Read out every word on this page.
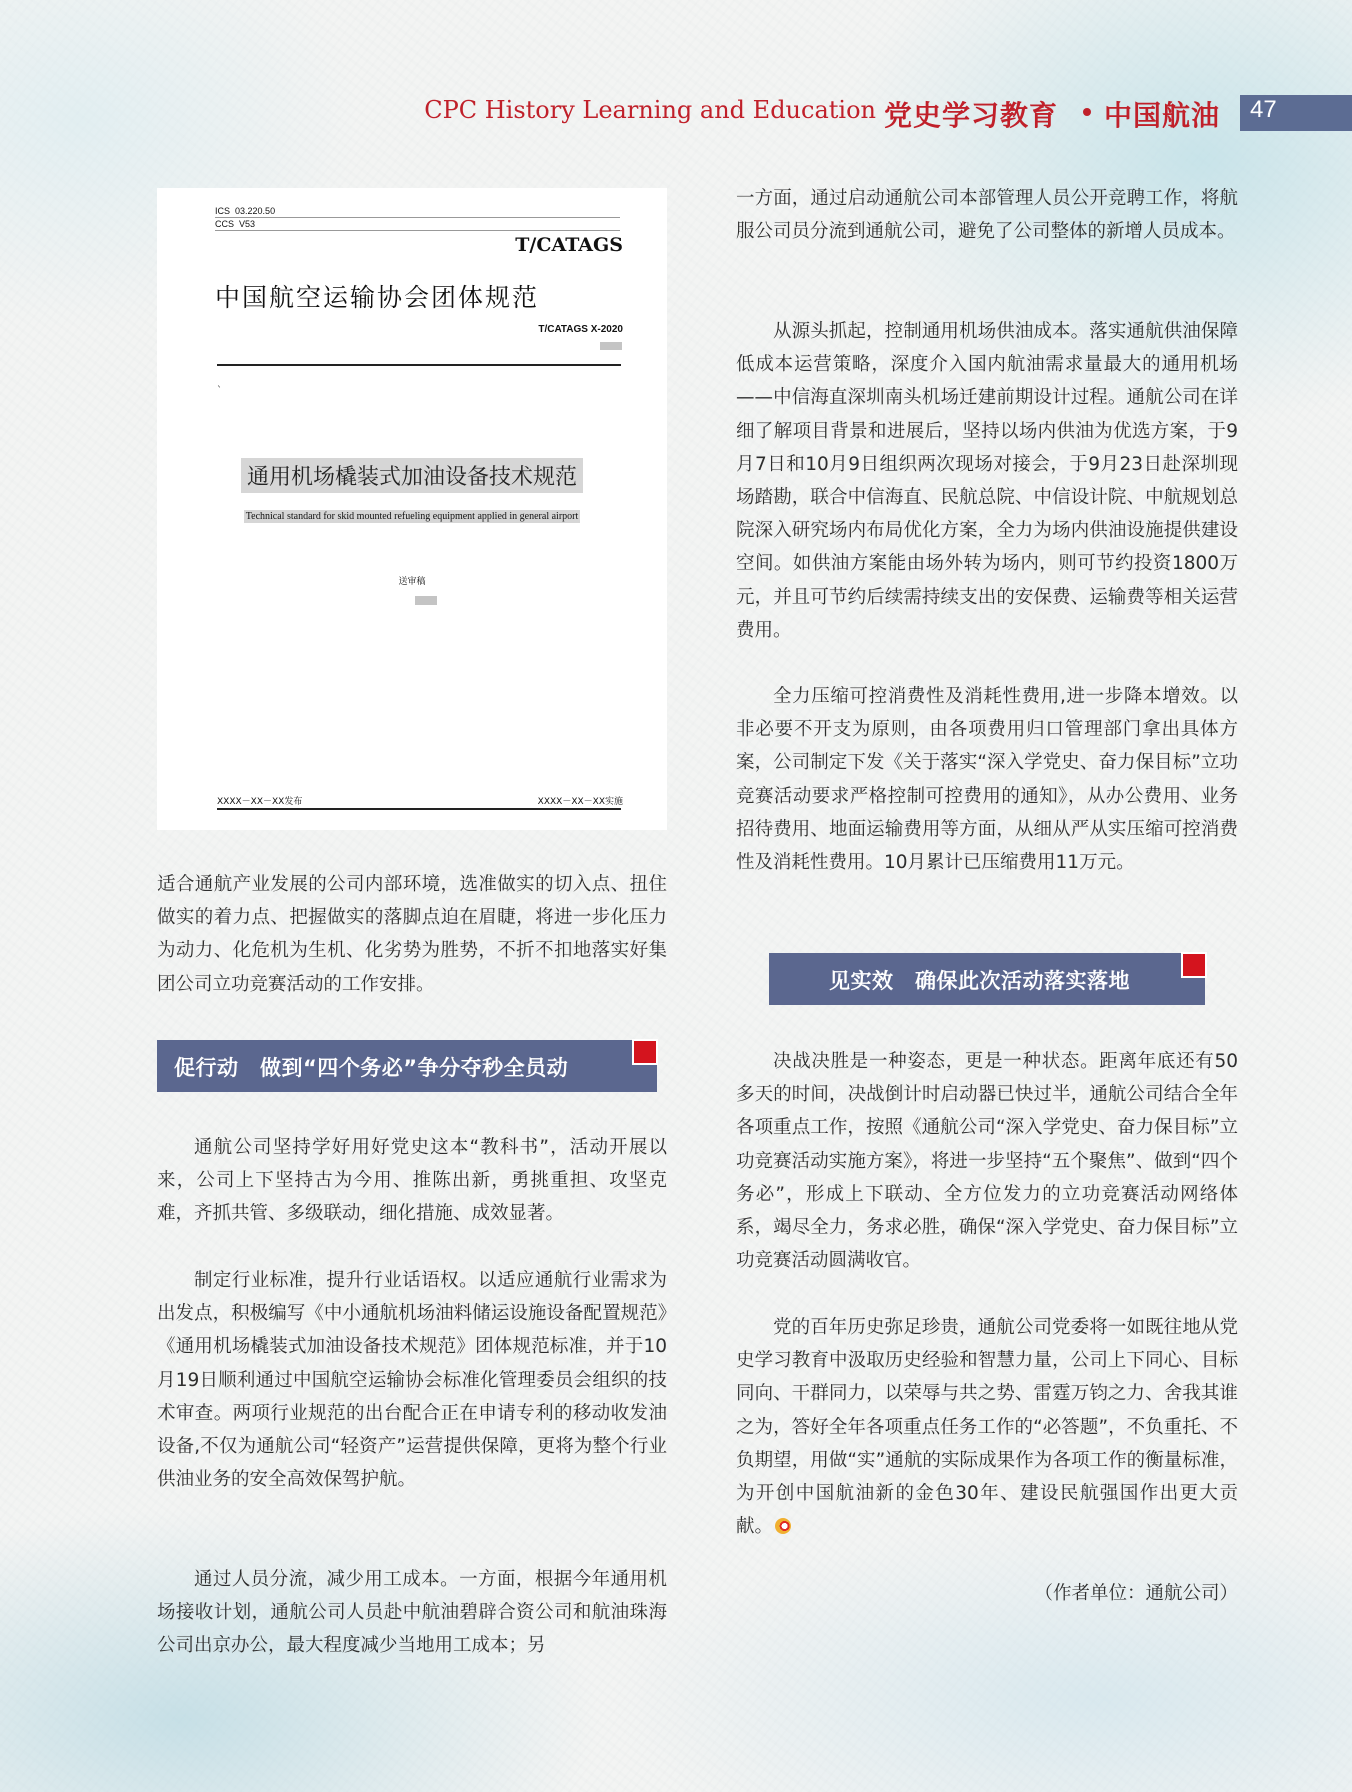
CPC History Learning and Education 党史学习教育 中国航油 47
ICS 03.220.50
CCS V53
T/CATAGS
中国航空运输协会团体规范
T/CATAGS X-2020
`
通用机场橇装式加油设备技术规范
Technical standard for skid mounted refueling equipment applied in general airport
送审稿
XXXX－XX－XX发布	XXXX－XX－XX实施

适合通航产业发展的公司内部环境，选准做实的切入点、扭住做实的着力点、把握做实的落脚点迫在眉睫，将进一步化压力为动力、化危机为生机、化劣势为胜势，不折不扣地落实好集团公司立功竞赛活动的工作安排。

促行动　做到“四个务必”争分夺秒全员动

通航公司坚持学好用好党史这本“教科书”，活动开展以来，公司上下坚持古为今用、推陈出新，勇挑重担、攻坚克难，齐抓共管、多级联动，细化措施、成效显著。

制定行业标准，提升行业话语权。以适应通航行业需求为出发点，积极编写《中小通航机场油料储运设施设备配置规范》《通用机场橇装式加油设备技术规范》团体规范标准，并于10月19日顺利通过中国航空运输协会标准化管理委员会组织的技术审查。两项行业规范的出台配合正在申请专利的移动收发油设备,不仅为通航公司“轻资产”运营提供保障，更将为整个行业供油业务的安全高效保驾护航。

通过人员分流，减少用工成本。一方面，根据今年通用机场接收计划，通航公司人员赴中航油碧辟合资公司和航油珠海公司出京办公，最大程度减少当地用工成本；另

一方面，通过启动通航公司本部管理人员公开竞聘工作，将航服公司员分流到通航公司，避免了公司整体的新增人员成本。

从源头抓起，控制通用机场供油成本。落实通航供油保障低成本运营策略，深度介入国内航油需求量最大的通用机场——中信海直深圳南头机场迁建前期设计过程。通航公司在详细了解项目背景和进展后，坚持以场内供油为优选方案，于9月7日和10月9日组织两次现场对接会，于9月23日赴深圳现场踏勘，联合中信海直、民航总院、中信设计院、中航规划总院深入研究场内布局优化方案，全力为场内供油设施提供建设空间。如供油方案能由场外转为场内，则可节约投资1800万元，并且可节约后续需持续支出的安保费、运输费等相关运营费用。

全力压缩可控消费性及消耗性费用,进一步降本增效。以非必要不开支为原则，由各项费用归口管理部门拿出具体方案，公司制定下发《关于落实“深入学党史、奋力保目标”立功竞赛活动要求严格控制可控费用的通知》，从办公费用、业务招待费用、地面运输费用等方面，从细从严从实压缩可控消费性及消耗性费用。10月累计已压缩费用11万元。

见实效　确保此次活动落实落地

决战决胜是一种姿态，更是一种状态。距离年底还有50多天的时间，决战倒计时启动器已快过半，通航公司结合全年各项重点工作，按照《通航公司“深入学党史、奋力保目标”立功竞赛活动实施方案》，将进一步坚持“五个聚焦”、做到“四个务必”，形成上下联动、全方位发力的立功竞赛活动网络体系，竭尽全力，务求必胜，确保“深入学党史、奋力保目标”立功竞赛活动圆满收官。

党的百年历史弥足珍贵，通航公司党委将一如既往地从党史学习教育中汲取历史经验和智慧力量，公司上下同心、目标同向、干群同力，以荣辱与共之势、雷霆万钧之力、舍我其谁之为，答好全年各项重点任务工作的“必答题”，不负重托、不负期望，用做“实”通航的实际成果作为各项工作的衡量标准，为开创中国航油新的金色30年、建设民航强国作出更大贡献。

（作者单位：通航公司）
